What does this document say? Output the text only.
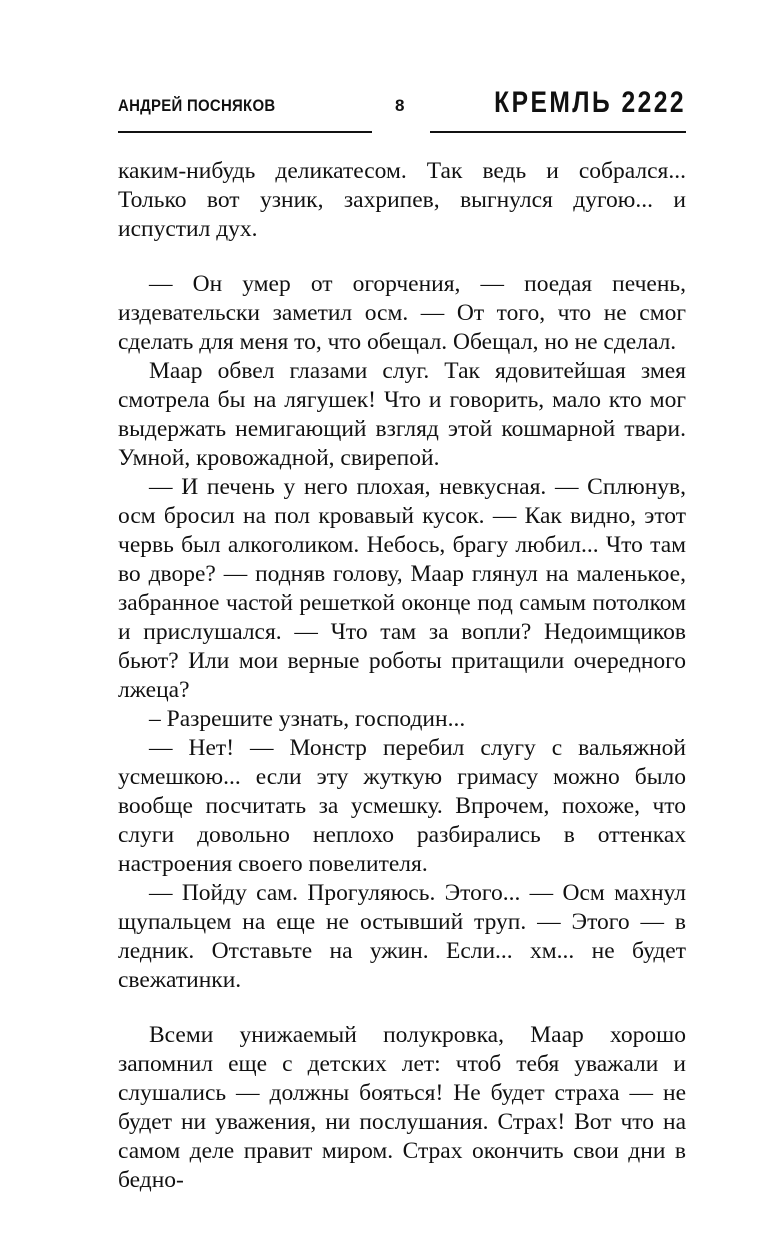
АНДРЕЙ ПОСНЯКОВ	8	КРЕМЛЬ 2222

каким-нибудь деликатесом. Так ведь и собрался... Только вот узник, захрипев, выгнулся дугою... и испустил дух.

— Он умер от огорчения, — поедая печень, издевательски заметил осм. — От того, что не смог сделать для меня то, что обещал. Обещал, но не сделал.

Маар обвел глазами слуг. Так ядовитейшая змея смотрела бы на лягушек! Что и говорить, мало кто мог выдержать немигающий взгляд этой кошмарной твари. Умной, кровожадной, свирепой.

— И печень у него плохая, невкусная. — Сплюнув, осм бросил на пол кровавый кусок. — Как видно, этот червь был алкоголиком. Небось, брагу любил... Что там во дворе? — подняв голову, Маар глянул на маленькое, забранное частой решеткой оконце под самым потолком и прислушался. — Что там за вопли? Недоимщиков бьют? Или мои верные роботы притащили очередного лжеца?

– Разрешите узнать, господин...

— Нет! — Монстр перебил слугу с вальяжной усмешкою... если эту жуткую гримасу можно было вообще посчитать за усмешку. Впрочем, похоже, что слуги довольно неплохо разбирались в оттенках настроения своего повелителя.

— Пойду сам. Прогуляюсь. Этого... — Осм махнул щупальцем на еще не остывший труп. — Этого — в ледник. Отставьте на ужин. Если... хм... не будет свежатинки.

Всеми унижаемый полукровка, Маар хорошо запомнил еще с детских лет: чтоб тебя уважали и слушались — должны бояться! Не будет страха — не будет ни уважения, ни послушания. Страх! Вот что на самом деле правит миром. Страх окончить свои дни в бедно-
